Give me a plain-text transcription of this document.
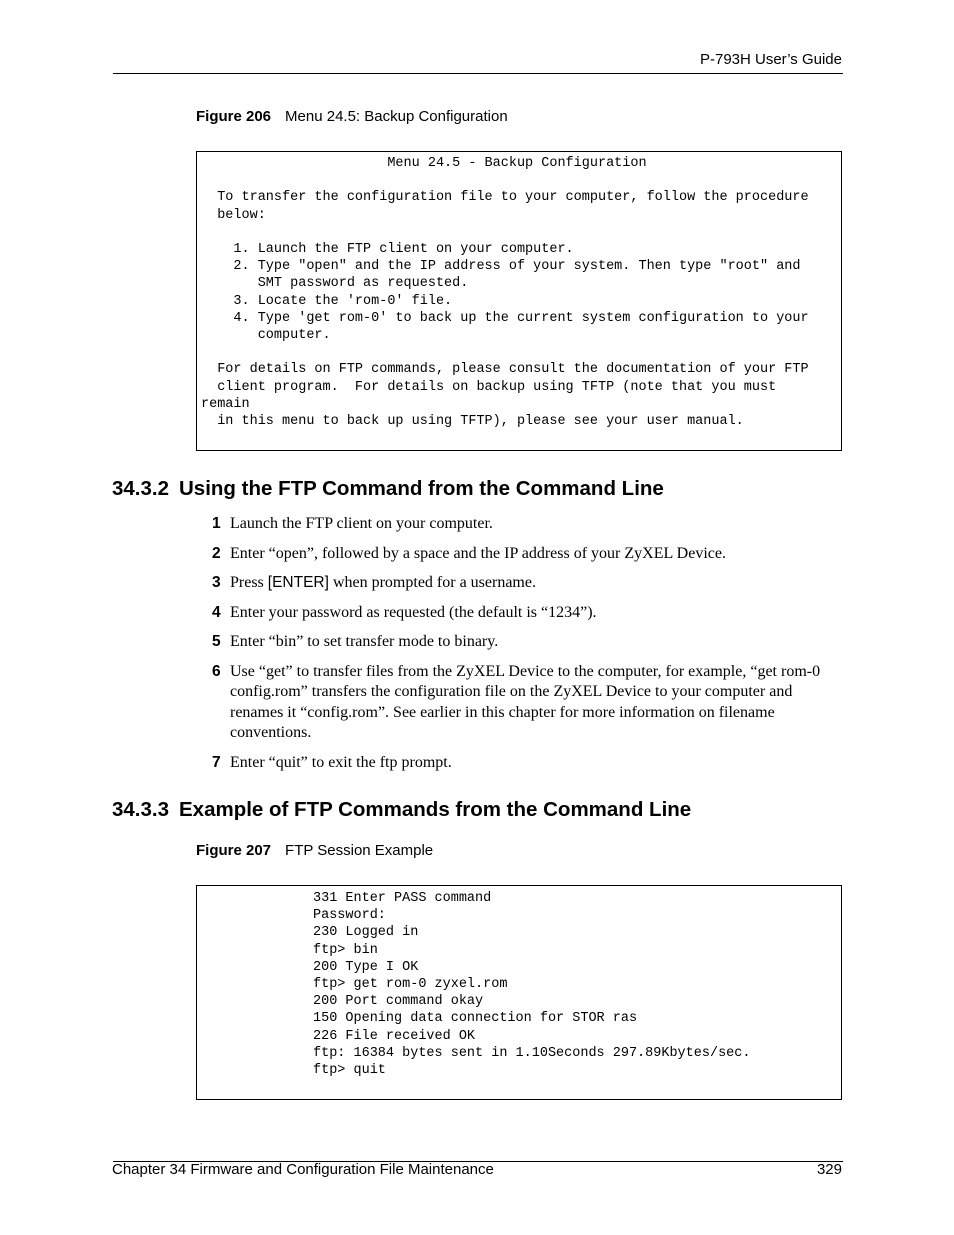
P-793H User’s Guide
Figure 206 Menu 24.5: Backup Configuration
Menu 24.5 - Backup Configuration

To transfer the configuration file to your computer, follow the procedure
below:

1. Launch the FTP client on your computer.
2. Type "open" and the IP address of your system. Then type "root" and
SMT password as requested.
3. Locate the 'rom-0' file.
4. Type 'get rom-0' to back up the current system configuration to your
computer.

For details on FTP commands, please consult the documentation of your FTP
client program.  For details on backup using TFTP (note that you must
remain
in this menu to back up using TFTP), please see your user manual.
34.3.2 Using the FTP Command from the Command Line
1 Launch the FTP client on your computer.
2 Enter “open”, followed by a space and the IP address of your ZyXEL Device.
3 Press [ENTER] when prompted for a username.
4 Enter your password as requested (the default is “1234”).
5 Enter “bin” to set transfer mode to binary.
6 Use “get” to transfer files from the ZyXEL Device to the computer, for example, “get rom-0 config.rom” transfers the configuration file on the ZyXEL Device to your computer and renames it “config.rom”. See earlier in this chapter for more information on filename conventions.
7 Enter “quit” to exit the ftp prompt.
34.3.3 Example of FTP Commands from the Command Line
Figure 207 FTP Session Example
331 Enter PASS command
Password:
230 Logged in
ftp> bin
200 Type I OK
ftp> get rom-0 zyxel.rom
200 Port command okay
150 Opening data connection for STOR ras
226 File received OK
ftp: 16384 bytes sent in 1.10Seconds 297.89Kbytes/sec.
ftp> quit
Chapter 34 Firmware and Configuration File Maintenance	329
